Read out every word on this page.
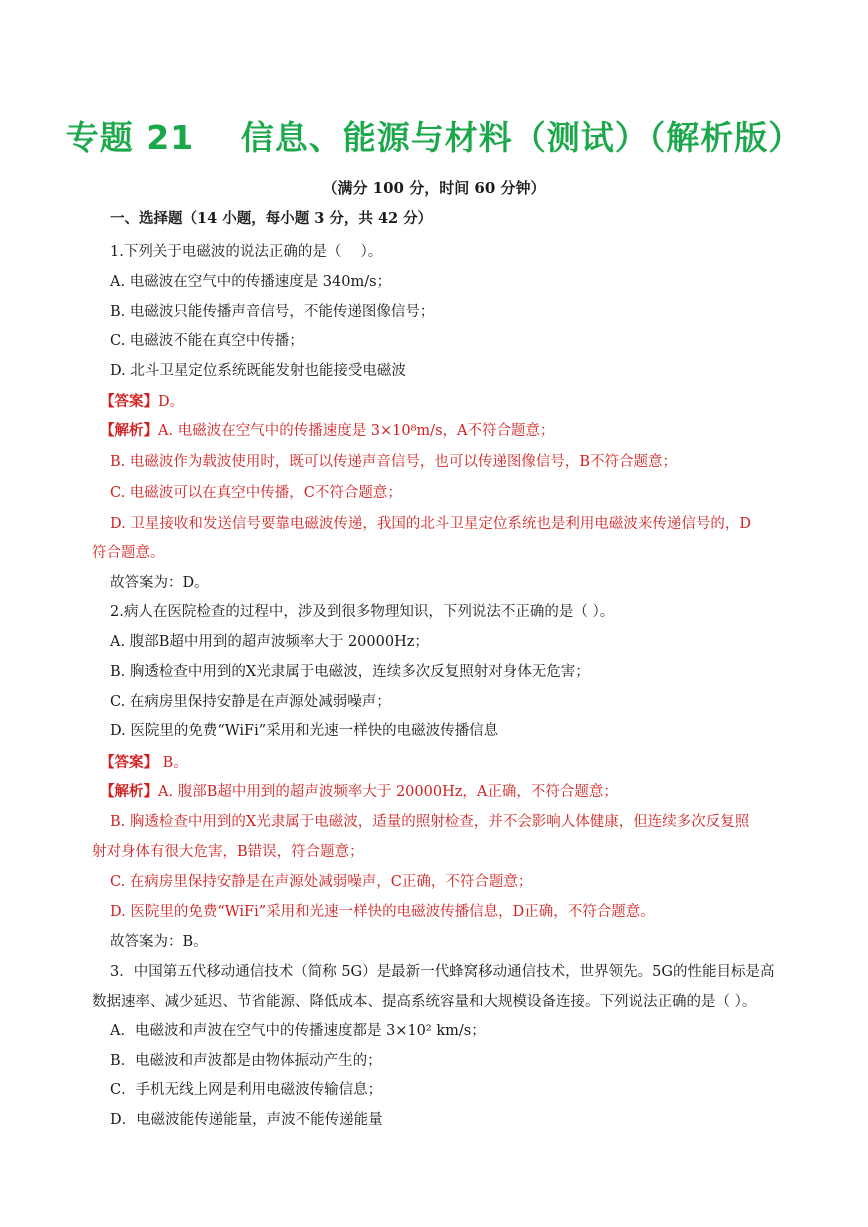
专题 21　 信息、能源与材料（测试）（解析版）
（满分 100 分，时间 60 分钟）
一、选择题（14 小题，每小题 3 分，共 42 分）
1.下列关于电磁波的说法正确的是（　 ）。
A. 电磁波在空气中的传播速度是 340m/s；
B. 电磁波只能传播声音信号，不能传递图像信号；
C. 电磁波不能在真空中传播；
D. 北斗卫星定位系统既能发射也能接受电磁波
【答案】D。
【解析】A. 电磁波在空气中的传播速度是 3×10⁸m/s，A不符合题意；
B. 电磁波作为载波使用时，既可以传递声音信号，也可以传递图像信号，B不符合题意；
C. 电磁波可以在真空中传播，C不符合题意；
D. 卫星接收和发送信号要靠电磁波传递，我国的北斗卫星定位系统也是利用电磁波来传递信号的，D
符合题意。
故答案为：D。
2.病人在医院检查的过程中，涉及到很多物理知识，下列说法不正确的是（ ）。
A. 腹部B超中用到的超声波频率大于 20000Hz；
B. 胸透检查中用到的X光隶属于电磁波，连续多次反复照射对身体无危害；
C. 在病房里保持安静是在声源处减弱噪声；
D. 医院里的免费“WiFi”采用和光速一样快的电磁波传播信息
【答案】 B。
【解析】A. 腹部B超中用到的超声波频率大于 20000Hz，A正确，不符合题意；
B. 胸透检查中用到的X光隶属于电磁波，适量的照射检查，并不会影响人体健康，但连续多次反复照
射对身体有很大危害，B错误，符合题意；
C. 在病房里保持安静是在声源处减弱噪声，C正确，不符合题意；
D. 医院里的免费“WiFi”采用和光速一样快的电磁波传播信息，D正确，不符合题意。
故答案为：B。
3．中国第五代移动通信技术（简称 5G）是最新一代蜂窝移动通信技术，世界领先。5G的性能目标是高
数据速率、减少延迟、节省能源、降低成本、提高系统容量和大规模设备连接。下列说法正确的是（ ）。
A．电磁波和声波在空气中的传播速度都是 3×10² km/s；
B．电磁波和声波都是由物体振动产生的；
C．手机无线上网是利用电磁波传输信息；
D．电磁波能传递能量，声波不能传递能量
